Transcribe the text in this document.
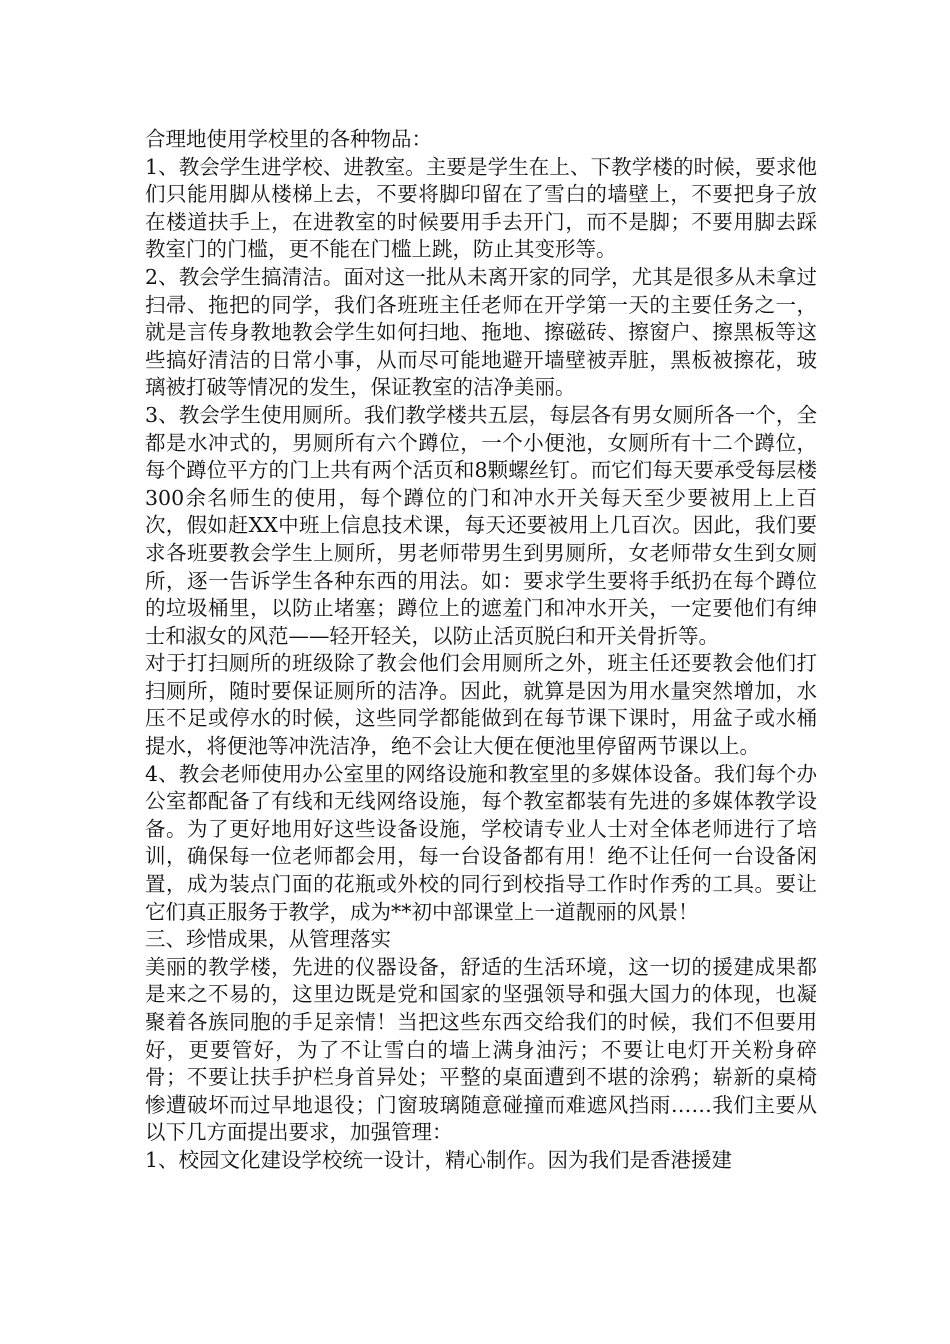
合理地使用学校里的各种物品：

1、教会学生进学校、进教室。主要是学生在上、下教学楼的时候，要求他们只能用脚从楼梯上去，不要将脚印留在了雪白的墙壁上，不要把身子放在楼道扶手上，在进教室的时候要用手去开门，而不是脚；不要用脚去踩教室门的门槛，更不能在门槛上跳，防止其变形等。

2、教会学生搞清洁。面对这一批从未离开家的同学，尤其是很多从未拿过扫帚、拖把的同学，我们各班班主任老师在开学第一天的主要任务之一，就是言传身教地教会学生如何扫地、拖地、擦磁砖、擦窗户、擦黑板等这些搞好清洁的日常小事，从而尽可能地避开墙壁被弄脏，黑板被擦花，玻璃被打破等情况的发生，保证教室的洁净美丽。

3、教会学生使用厕所。我们教学楼共五层，每层各有男女厕所各一个，全都是水冲式的，男厕所有六个蹲位，一个小便池，女厕所有十二个蹲位，每个蹲位平方的门上共有两个活页和8颗螺丝钉。而它们每天要承受每层楼300余名师生的使用，每个蹲位的门和冲水开关每天至少要被用上上百次，假如赶XX中班上信息技术课，每天还要被用上几百次。因此，我们要求各班要教会学生上厕所，男老师带男生到男厕所，女老师带女生到女厕所，逐一告诉学生各种东西的用法。如：要求学生要将手纸扔在每个蹲位的垃圾桶里，以防止堵塞；蹲位上的遮羞门和冲水开关，一定要他们有绅士和淑女的风范——轻开轻关，以防止活页脱臼和开关骨折等。

对于打扫厕所的班级除了教会他们会用厕所之外，班主任还要教会他们打扫厕所，随时要保证厕所的洁净。因此，就算是因为用水量突然增加，水压不足或停水的时候，这些同学都能做到在每节课下课时，用盆子或水桶提水，将便池等冲洗洁净，绝不会让大便在便池里停留两节课以上。

4、教会老师使用办公室里的网络设施和教室里的多媒体设备。我们每个办公室都配备了有线和无线网络设施，每个教室都装有先进的多媒体教学设备。为了更好地用好这些设备设施，学校请专业人士对全体老师进行了培训，确保每一位老师都会用，每一台设备都有用！绝不让任何一台设备闲置，成为装点门面的花瓶或外校的同行到校指导工作时作秀的工具。要让它们真正服务于教学，成为**初中部课堂上一道靓丽的风景！

三、珍惜成果，从管理落实

美丽的教学楼，先进的仪器设备，舒适的生活环境，这一切的援建成果都是来之不易的，这里边既是党和国家的坚强领导和强大国力的体现，也凝聚着各族同胞的手足亲情！当把这些东西交给我们的时候，我们不但要用好，更要管好，为了不让雪白的墙上满身油污；不要让电灯开关粉身碎骨；不要让扶手护栏身首异处；平整的桌面遭到不堪的涂鸦；崭新的桌椅惨遭破坏而过早地退役；门窗玻璃随意碰撞而难遮风挡雨……我们主要从以下几方面提出要求，加强管理：

1、校园文化建设学校统一设计，精心制作。因为我们是香港援建
